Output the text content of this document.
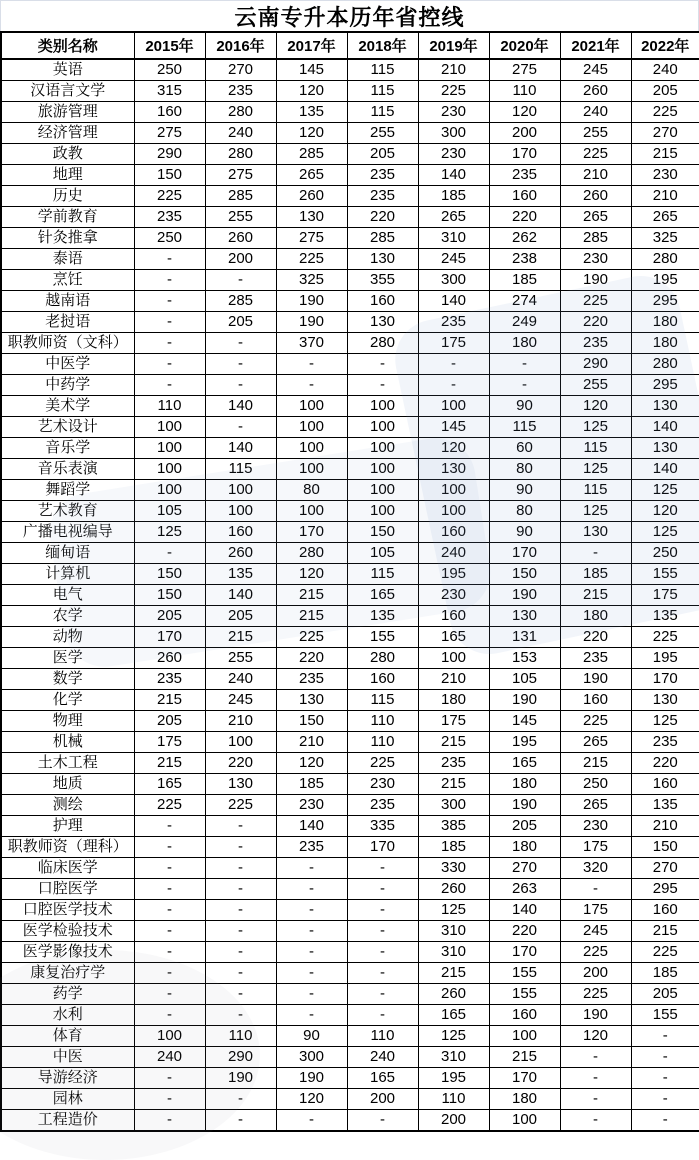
云南专升本历年省控线
类别名称	2015年	2016年	2017年	2018年	2019年	2020年	2021年	2022年
英语	250	270	145	115	210	275	245	240
汉语言文学	315	235	120	115	225	110	260	205
旅游管理	160	280	135	115	230	120	240	225
经济管理	275	240	120	255	300	200	255	270
政教	290	280	285	205	230	170	225	215
地理	150	275	265	235	140	235	210	230
历史	225	285	260	235	185	160	260	210
学前教育	235	255	130	220	265	220	265	265
针灸推拿	250	260	275	285	310	262	285	325
泰语	-	200	225	130	245	238	230	280
烹饪	-	-	325	355	300	185	190	195
越南语	-	285	190	160	140	274	225	295
老挝语	-	205	190	130	235	249	220	180
职教师资（文科）	-	-	370	280	175	180	235	180
中医学	-	-	-	-	-	-	290	280
中药学	-	-	-	-	-	-	255	295
美术学	110	140	100	100	100	90	120	130
艺术设计	100	-	100	100	145	115	125	140
音乐学	100	140	100	100	120	60	115	130
音乐表演	100	115	100	100	130	80	125	140
舞蹈学	100	100	80	100	100	90	115	125
艺术教育	105	100	100	100	100	80	125	120
广播电视编导	125	160	170	150	160	90	130	125
缅甸语	-	260	280	105	240	170	-	250
计算机	150	135	120	115	195	150	185	155
电气	150	140	215	165	230	190	215	175
农学	205	205	215	135	160	130	180	135
动物	170	215	225	155	165	131	220	225
医学	260	255	220	280	100	153	235	195
数学	235	240	235	160	210	105	190	170
化学	215	245	130	115	180	190	160	130
物理	205	210	150	110	175	145	225	125
机械	175	100	210	110	215	195	265	235
土木工程	215	220	120	225	235	165	215	220
地质	165	130	185	230	215	180	250	160
测绘	225	225	230	235	300	190	265	135
护理	-	-	140	335	385	205	230	210
职教师资（理科）	-	-	235	170	185	180	175	150
临床医学	-	-	-	-	330	270	320	270
口腔医学	-	-	-	-	260	263	-	295
口腔医学技术	-	-	-	-	125	140	175	160
医学检验技术	-	-	-	-	310	220	245	215
医学影像技术	-	-	-	-	310	170	225	225
康复治疗学	-	-	-	-	215	155	200	185
药学	-	-	-	-	260	155	225	205
水利	-	-	-	-	165	160	190	155
体育	100	110	90	110	125	100	120	-
中医	240	290	300	240	310	215	-	-
导游经济	-	190	190	165	195	170	-	-
园林	-	-	120	200	110	180	-	-
工程造价	-	-	-	-	200	100	-	-
